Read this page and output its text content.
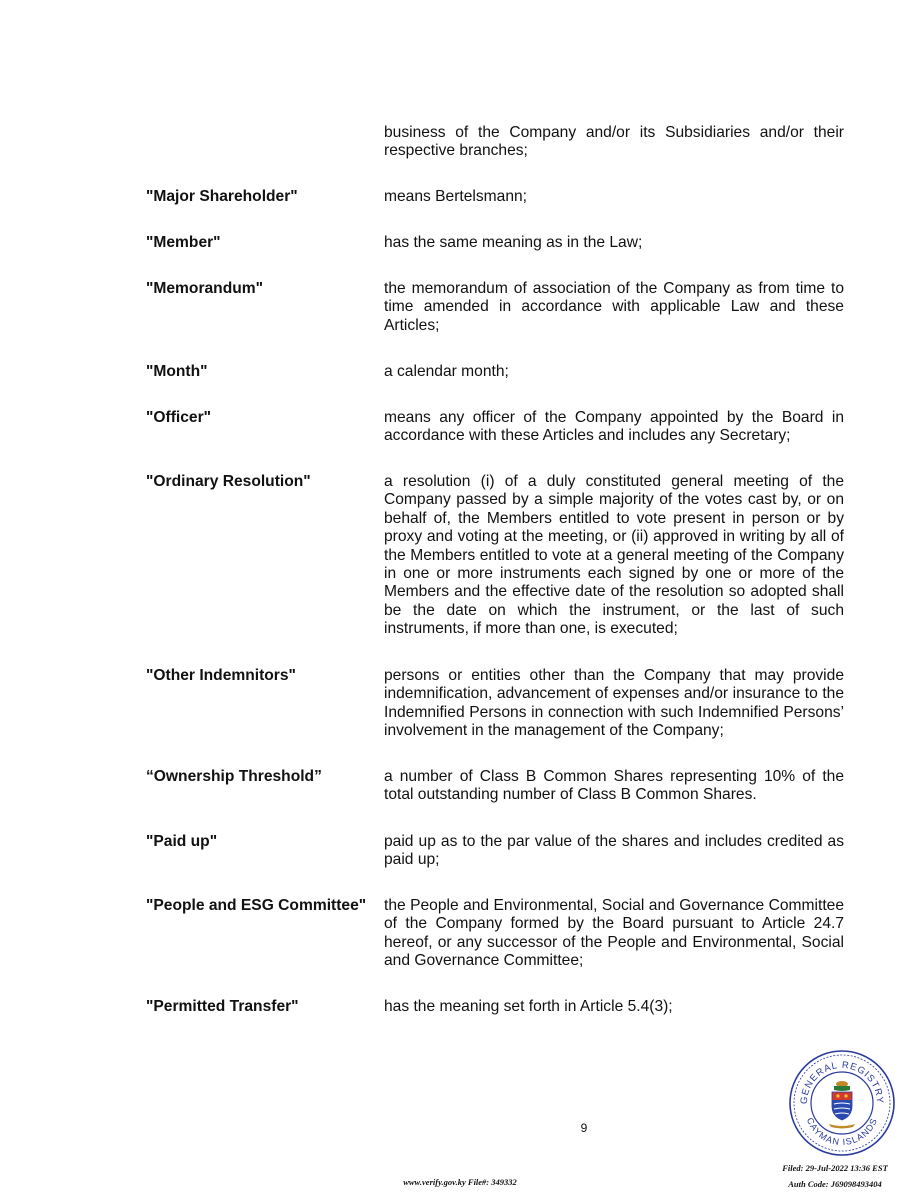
business of the Company and/or its Subsidiaries and/or their respective branches;
"Major Shareholder"	means Bertelsmann;
"Member"	has the same meaning as in the Law;
"Memorandum"	the memorandum of association of the Company as from time to time amended in accordance with applicable Law and these Articles;
"Month"	a calendar month;
"Officer"	means any officer of the Company appointed by the Board in accordance with these Articles and includes any Secretary;
"Ordinary Resolution"	a resolution (i) of a duly constituted general meeting of the Company passed by a simple majority of the votes cast by, or on behalf of, the Members entitled to vote present in person or by proxy and voting at the meeting, or (ii) approved in writing by all of the Members entitled to vote at a general meeting of the Company in one or more instruments each signed by one or more of the Members and the effective date of the resolution so adopted shall be the date on which the instrument, or the last of such instruments, if more than one, is executed;
"Other Indemnitors"	persons or entities other than the Company that may provide indemnification, advancement of expenses and/or insurance to the Indemnified Persons in connection with such Indemnified Persons’ involvement in the management of the Company;
“Ownership Threshold”	a number of Class B Common Shares representing 10% of the total outstanding number of Class B Common Shares.
"Paid up"	paid up as to the par value of the shares and includes credited as paid up;
"People and ESG Committee" the People and Environmental, Social and Governance Committee of the Company formed by the Board pursuant to Article 24.7 hereof, or any successor of the People and Environmental, Social and Governance Committee;
"Permitted Transfer"	has the meaning set forth in Article 5.4(3);
9
GENERAL REGISTRY
CAYMAN ISLANDS
www.verify.gov.ky File#: 349332
Filed: 29-Jul-2022 13:36 EST
Auth Code: J69098493404
